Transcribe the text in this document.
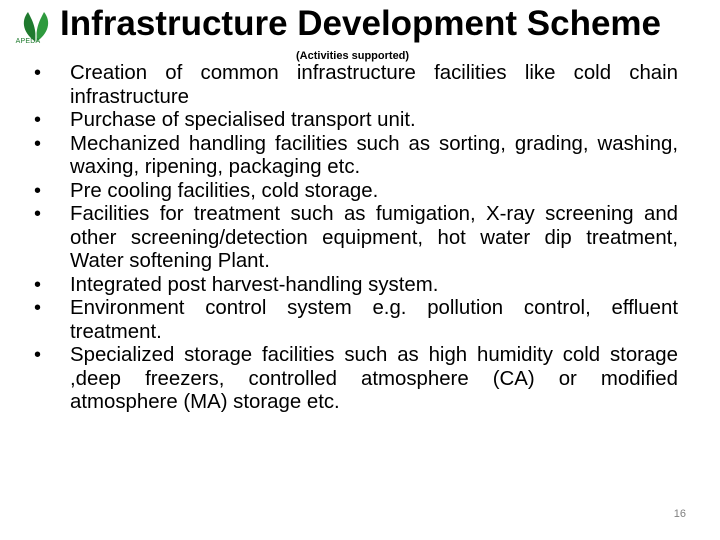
APEDA Infrastructure Development Scheme
(Activities supported)
• Creation of common infrastructure facilities like cold chain infrastructure
• Purchase of specialised transport unit.
• Mechanized handling facilities such as sorting, grading, washing, waxing, ripening, packaging etc.
• Pre cooling facilities, cold storage.
• Facilities for treatment such as fumigation, X-ray screening and other screening/detection equipment, hot water dip treatment, Water softening Plant.
• Integrated post harvest-handling system.
• Environment control system e.g. pollution control, effluent treatment.
• Specialized storage facilities such as high humidity cold storage ,deep freezers, controlled atmosphere (CA) or modified atmosphere (MA) storage etc.
16
